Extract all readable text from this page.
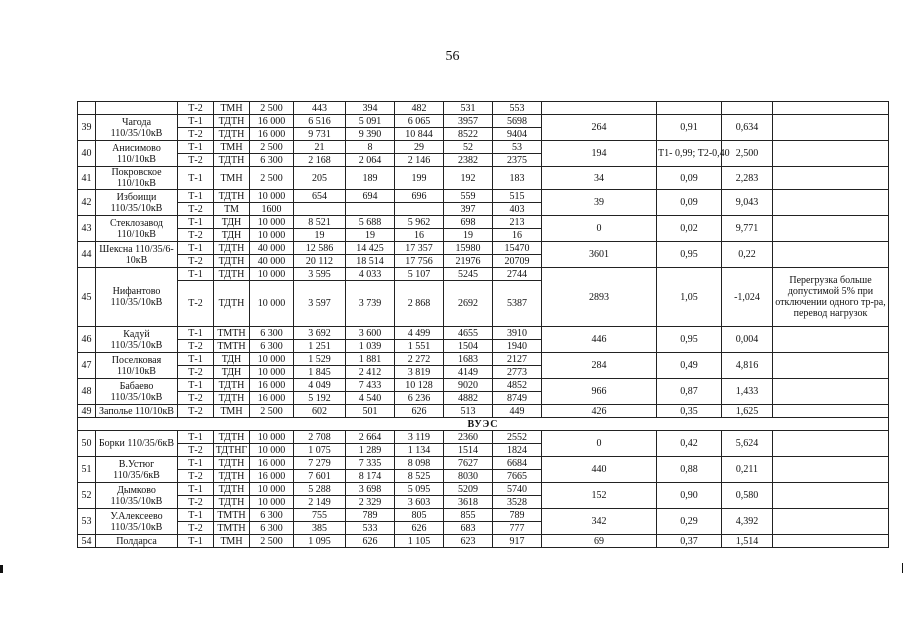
56
		Т-2	ТМН	2 500	443	394	482	531	553				
39	Чагода 110/35/10кВ	Т-1	ТДТН	16 000	6 516	5 091	6 065	3957	5698	264	0,91	0,634	
		Т-2	ТДТН	16 000	9 731	9 390	10 844	8522	9404				
40	Анисимово 110/10кВ	Т-1	ТМН	2 500	21	8	29	52	53	194	Т1- 0,99; Т2-0,40	2,500	
		Т-2	ТДТН	6 300	2 168	2 064	2 146	2382	2375				
41	Покровское 110/10кВ	Т-1	ТМН	2 500	205	189	199	192	183	34	0,09	2,283	
42	Избоищи 110/35/10кВ	Т-1	ТДТН	10 000	654	694	696	559	515	39	0,09	9,043	
		Т-2	ТМ	1600				397	403				
43	Стеклозавод 110/10кВ	Т-1	ТДН	10 000	8 521	5 688	5 962	698	213	0	0,02	9,771	
		Т-2	ТДН	10 000	19	19	16	19	16				
44	Шексна 110/35/6-10кВ	Т-1	ТДТН	40 000	12 586	14 425	17 357	15980	15470	3601	0,95	0,22	
		Т-2	ТДТН	40 000	20 112	18 514	17 756	21976	20709				
45	Нифантово 110/35/10кВ	Т-1	ТДТН	10 000	3 595	4 033	5 107	5245	2744	2893	1,05	-1,024	Перегрузка больше допустимой 5% при отключении одного тр-ра, перевод нагрузок
		Т-2	ТДТН	10 000	3 597	3 739	2 868	2692	5387				
46	Кадуй 110/35/10кВ	Т-1	ТМТН	6 300	3 692	3 600	4 499	4655	3910	446	0,95	0,004	
		Т-2	ТМТН	6 300	1 251	1 039	1 551	1504	1940				
47	Поселковая 110/10кВ	Т-1	ТДН	10 000	1 529	1 881	2 272	1683	2127	284	0,49	4,816	
		Т-2	ТДН	10 000	1 845	2 412	3 819	4149	2773				
48	Бабаево 110/35/10кВ	Т-1	ТДТН	16 000	4 049	7 433	10 128	9020	4852	966	0,87	1,433	
		Т-2	ТДТН	16 000	5 192	4 540	6 236	4882	8749				
49	Заполье 110/10кВ	Т-2	ТМН	2 500	602	501	626	513	449	426	0,35	1,625	
ВУЭС													
50	Борки 110/35/6кВ	Т-1	ТДТН	10 000	2 708	2 664	3 119	2360	2552	0	0,42	5,624	
		Т-2	ТДТНГ	10 000	1 075	1 289	1 134	1514	1824				
51	В.Устюг 110/35/6кВ	Т-1	ТДТН	16 000	7 279	7 335	8 098	7627	6684	440	0,88	0,211	
		Т-2	ТДТН	16 000	7 601	8 174	8 525	8030	7665				
52	Дымково 110/35/10кВ	Т-1	ТДТН	10 000	5 288	3 698	5 095	5209	5740	152	0,90	0,580	
		Т-2	ТДТН	10 000	2 149	2 329	3 603	3618	3528				
53	У.Алексеево 110/35/10кВ	Т-1	ТМТН	6 300	755	789	805	855	789	342	0,29	4,392	
		Т-2	ТМТН	6 300	385	533	626	683	777				
54	Полдарса	Т-1	ТМН	2 500	1 095	626	1 105	623	917	69	0,37	1,514	
